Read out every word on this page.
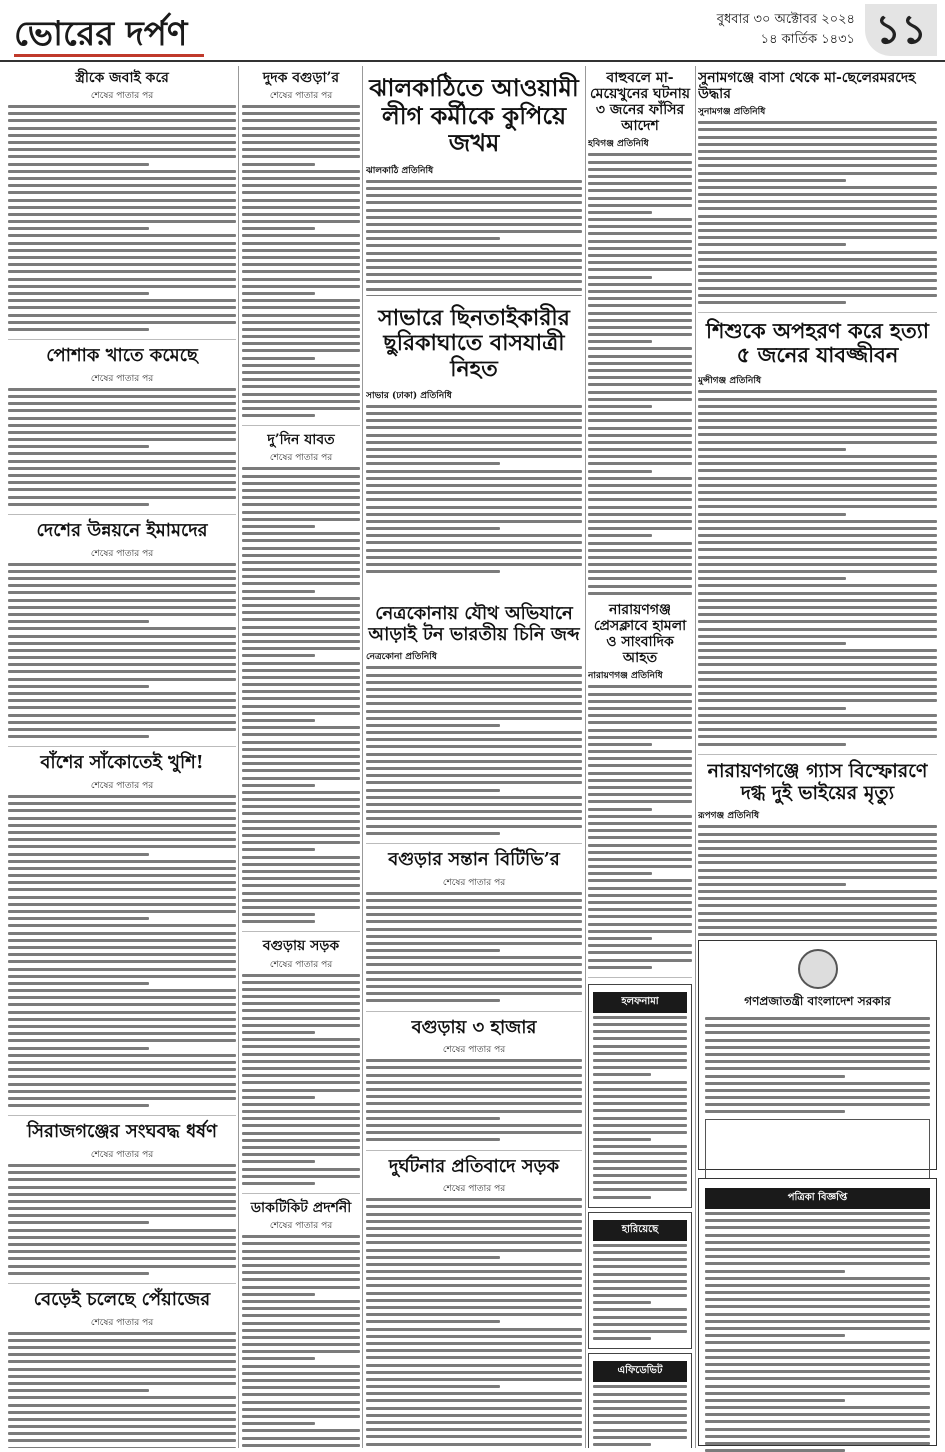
ভোরের দর্পণ	বুধবার ৩০ অক্টোবর ২০২৪
১৪ কার্তিক ১৪৩১ ১১
স্ত্রীকে জবাই করে
শেষের পাতার পর
পোশাক খাতে কমেছে
শেষের পাতার পর
দেশের উন্নয়নে ইমামদের
শেষের পাতার পর
বাঁশের সাঁকোতেই খুশি!
শেষের পাতার পর
সিরাজগঞ্জের সংঘবদ্ধ ধর্ষণ
শেষের পাতার পর
বেড়েই চলেছে পেঁয়াজের
শেষের পাতার পর
দুদক বগুড়া’র
শেষের পাতার পর
দু’দিন যাবত
শেষের পাতার পর
বগুড়ায় সড়ক
শেষের পাতার পর
ডাকটিকিট প্রদর্শনী
শেষের পাতার পর
ঝালকাঠিতে আওয়ামী লীগ কর্মীকে কুপিয়ে জখম
ঝালকাঠি প্রতিনিধি
বাহুবলে মা-মেয়েখুনের ঘটনায় ৩ জনের ফাঁসির আদেশ
হবিগঞ্জ প্রতিনিধি
সাভারে ছিনতাইকারীর ছুরিকাঘাতে বাসযাত্রী নিহত
সাভার (ঢাকা) প্রতিনিধি
নেত্রকোনায় যৌথ অভিযানে আড়াই টন ভারতীয় চিনি জব্দ
নেত্রকোনা প্রতিনিধি
বগুড়ার সন্তান বিটিভি’র
শেষের পাতার পর
বগুড়ায় ৩ হাজার
শেষের পাতার পর
দুর্ঘটনার প্রতিবাদে সড়ক
শেষের পাতার পর
নারায়ণগঞ্জ প্রেসক্লাবে হামলা ও সাংবাদিক আহত
নারায়ণগঞ্জ প্রতিনিধি
হলফনামা
হারিয়েছে
এফিডেভিট
সুনামগঞ্জে বাসা থেকে মা-ছেলেরমরদেহ উদ্ধার
সুনামগঞ্জ প্রতিনিধি
শিশুকে অপহরণ করে হত্যা ৫ জনের যাবজ্জীবন
মুন্সীগঞ্জ প্রতিনিধি
নারায়ণগঞ্জে গ্যাস বিস্ফোরণে দগ্ধ দুই ভাইয়ের মৃত্যু
রূপগঞ্জ প্রতিনিধি
গণপ্রজাতন্ত্রী বাংলাদেশ সরকার
পত্রিকা বিজ্ঞপ্তি
